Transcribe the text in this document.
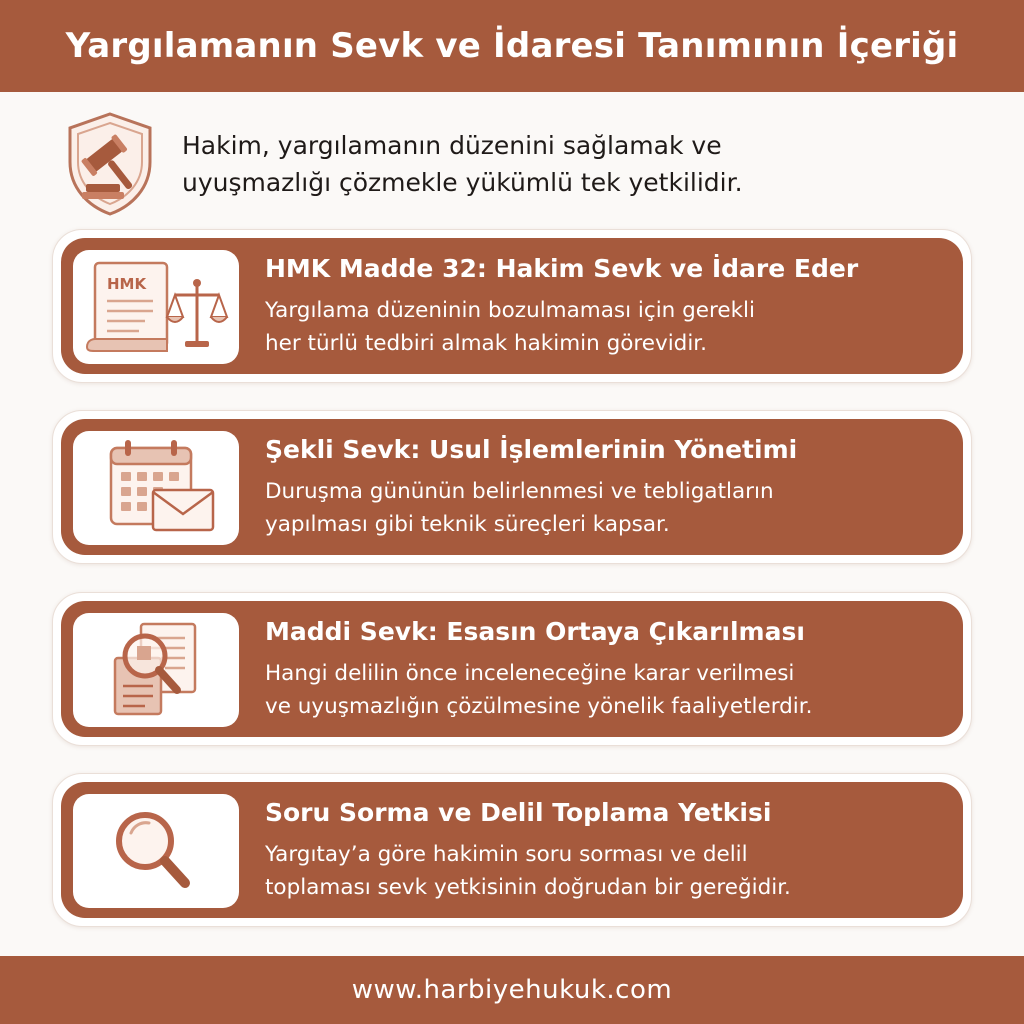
Yargılamanın Sevk ve İdaresi Tanımının İçeriği

Hakim, yargılamanın düzenini sağlamak ve
uyuşmazlığı çözmekle yükümlü tek yetkilidir.

HMK
HMK Madde 32: Hakim Sevk ve İdare Eder
Yargılama düzeninin bozulmaması için gerekli
her türlü tedbiri almak hakimin görevidir.
Şekli Sevk: Usul İşlemlerinin Yönetimi
Duruşma gününün belirlenmesi ve tebligatların
yapılması gibi teknik süreçleri kapsar.
Maddi Sevk: Esasın Ortaya Çıkarılması
Hangi delilin önce inceleneceğine karar verilmesi
ve uyuşmazlığın çözülmesine yönelik faaliyetlerdir.
Soru Sorma ve Delil Toplama Yetkisi
Yargıtay’a göre hakimin soru sorması ve delil
toplaması sevk yetkisinin doğrudan bir gereğidir.
www.harbiyehukuk.com
